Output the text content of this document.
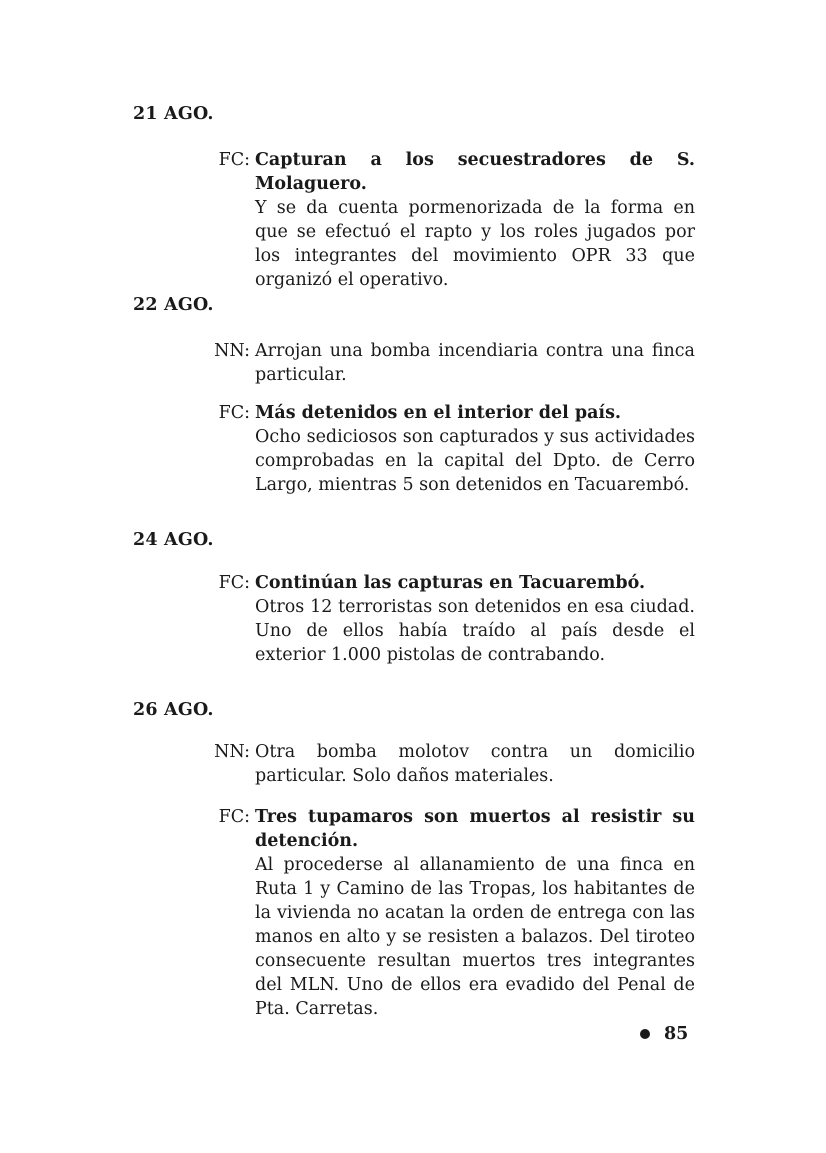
21 AGO.
FC: Capturan a los secuestradores de S. Molaguero.
Y se da cuenta pormenorizada de la forma en que se efectuó el rapto y los roles jugados por los integrantes del movimiento OPR 33 que organizó el operativo.
22 AGO.
NN: Arrojan una bomba incendiaria contra una finca particular.
FC: Más detenidos en el interior del país.
Ocho sediciosos son capturados y sus actividades comprobadas en la capital del Dpto. de Cerro Largo, mientras 5 son detenidos en Tacuarembó.
24 AGO.
FC: Continúan las capturas en Tacuarembó.
Otros 12 terroristas son detenidos en esa ciudad. Uno de ellos había traído al país desde el exterior 1.000 pistolas de contrabando.
26 AGO.
NN: Otra bomba molotov contra un domicilio particular. Solo daños materiales.
FC: Tres tupamaros son muertos al resistir su detención.
Al procederse al allanamiento de una finca en Ruta 1 y Camino de las Tropas, los habitantes de la vivienda no acatan la orden de entrega con las manos en alto y se resisten a balazos. Del tiroteo consecuente resultan muertos tres integrantes del MLN. Uno de ellos era evadido del Penal de Pta. Carretas.
85
